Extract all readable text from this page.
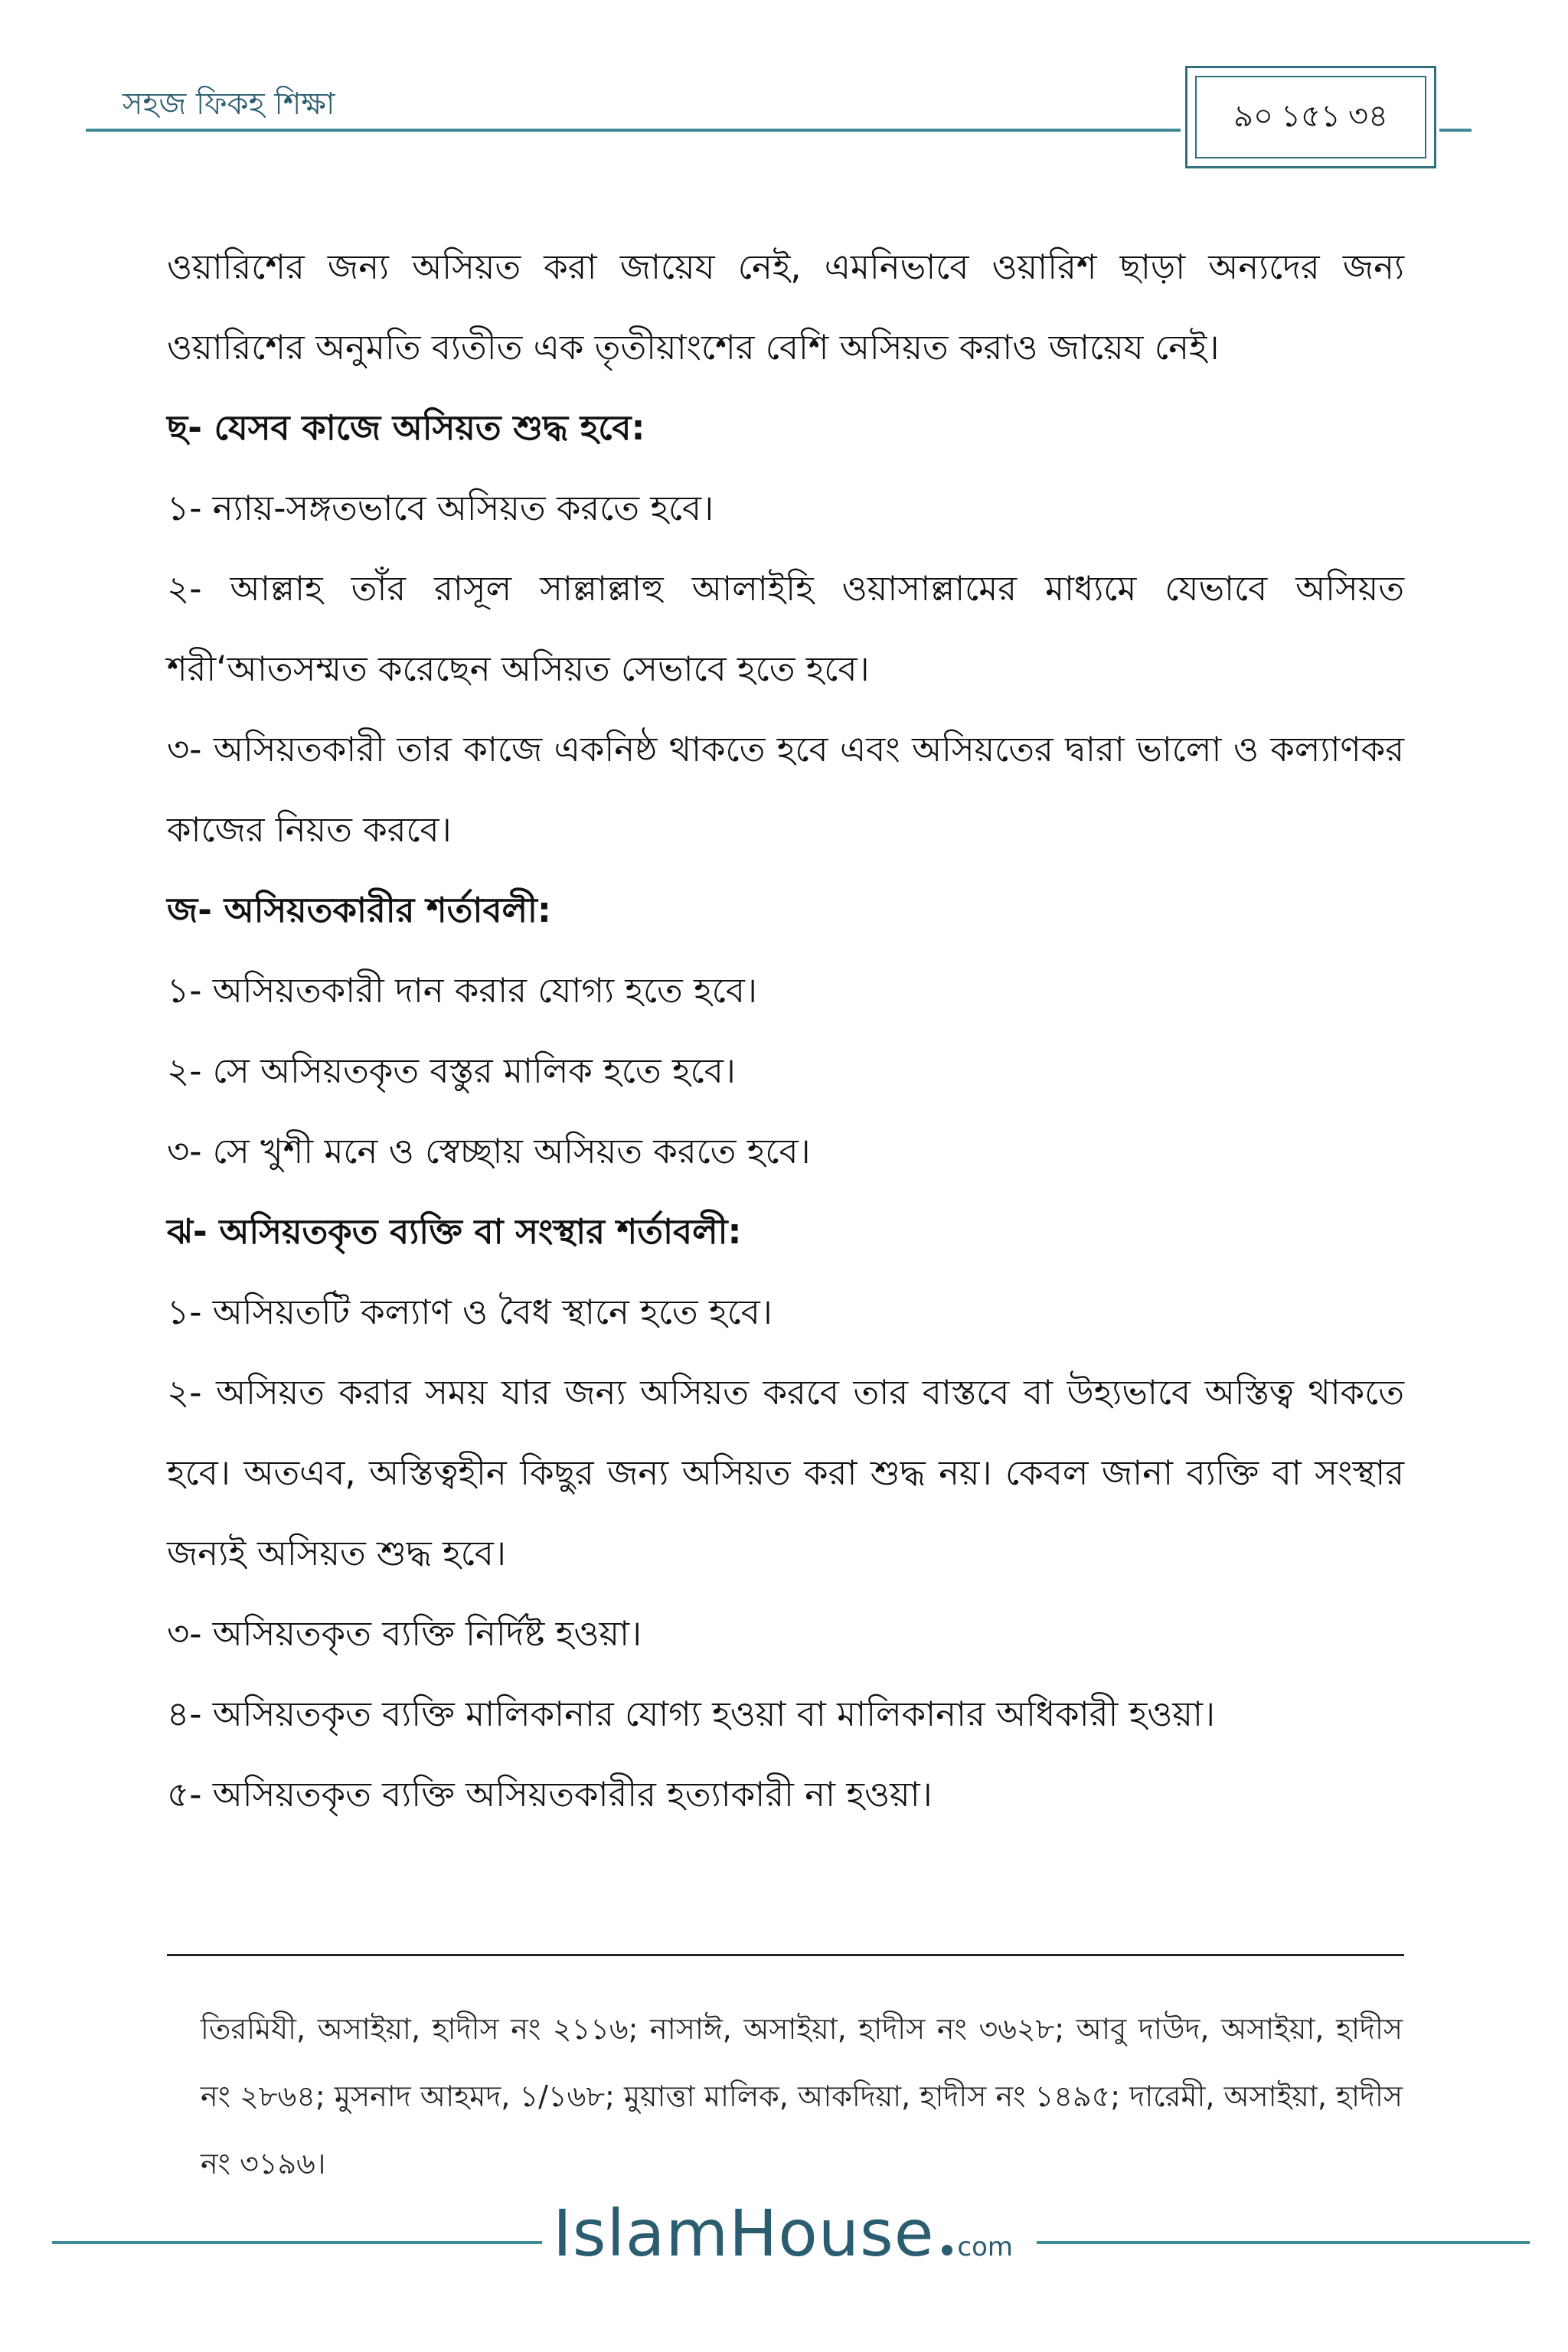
সহজ ফিকহ শিক্ষা	৯০ ১৫১ ৩৪

ওয়ারিশের জন্য অসিয়ত করা জায়েয নেই, এমনিভাবে ওয়ারিশ ছাড়া অন্যদের জন্য ওয়ারিশের অনুমতি ব্যতীত এক তৃতীয়াংশের বেশি অসিয়ত করাও জায়েয নেই।

ছ- যেসব কাজে অসিয়ত শুদ্ধ হবে:

১- ন্যায়-সঙ্গতভাবে অসিয়ত করতে হবে।

২- আল্লাহ তাঁর রাসূল সাল্লাল্লাহু আলাইহি ওয়াসাল্লামের মাধ্যমে যেভাবে অসিয়ত শরী‘আতসম্মত করেছেন অসিয়ত সেভাবে হতে হবে।

৩- অসিয়তকারী তার কাজে একনিষ্ঠ থাকতে হবে এবং অসিয়তের দ্বারা ভালো ও কল্যাণকর কাজের নিয়ত করবে।

জ- অসিয়তকারীর শর্তাবলী:

১- অসিয়তকারী দান করার যোগ্য হতে হবে।

২- সে অসিয়তকৃত বস্তুর মালিক হতে হবে।

৩- সে খুশী মনে ও স্বেচ্ছায় অসিয়ত করতে হবে।

ঝ- অসিয়তকৃত ব্যক্তি বা সংস্থার শর্তাবলী:

১- অসিয়তটি কল্যাণ ও বৈধ স্থানে হতে হবে।

২- অসিয়ত করার সময় যার জন্য অসিয়ত করবে তার বাস্তবে বা উহ্যভাবে অস্তিত্ব থাকতে হবে। অতএব, অস্তিত্বহীন কিছুর জন্য অসিয়ত করা শুদ্ধ নয়। কেবল জানা ব্যক্তি বা সংস্থার জন্যই অসিয়ত শুদ্ধ হবে।

৩- অসিয়তকৃত ব্যক্তি নির্দিষ্ট হওয়া।

৪- অসিয়তকৃত ব্যক্তি মালিকানার যোগ্য হওয়া বা মালিকানার অধিকারী হওয়া।

৫- অসিয়তকৃত ব্যক্তি অসিয়তকারীর হত্যাকারী না হওয়া।

তিরমিযী, অসাইয়া, হাদীস নং ২১১৬; নাসাঈ, অসাইয়া, হাদীস নং ৩৬২৮; আবু দাউদ, অসাইয়া, হাদীস নং ২৮৬৪; মুসনাদ আহমদ, ১/১৬৮; মুয়াত্তা মালিক, আকদিয়া, হাদীস নং ১৪৯৫; দারেমী, অসাইয়া, হাদীস নং ৩১৯৬।
IslamHouse com
